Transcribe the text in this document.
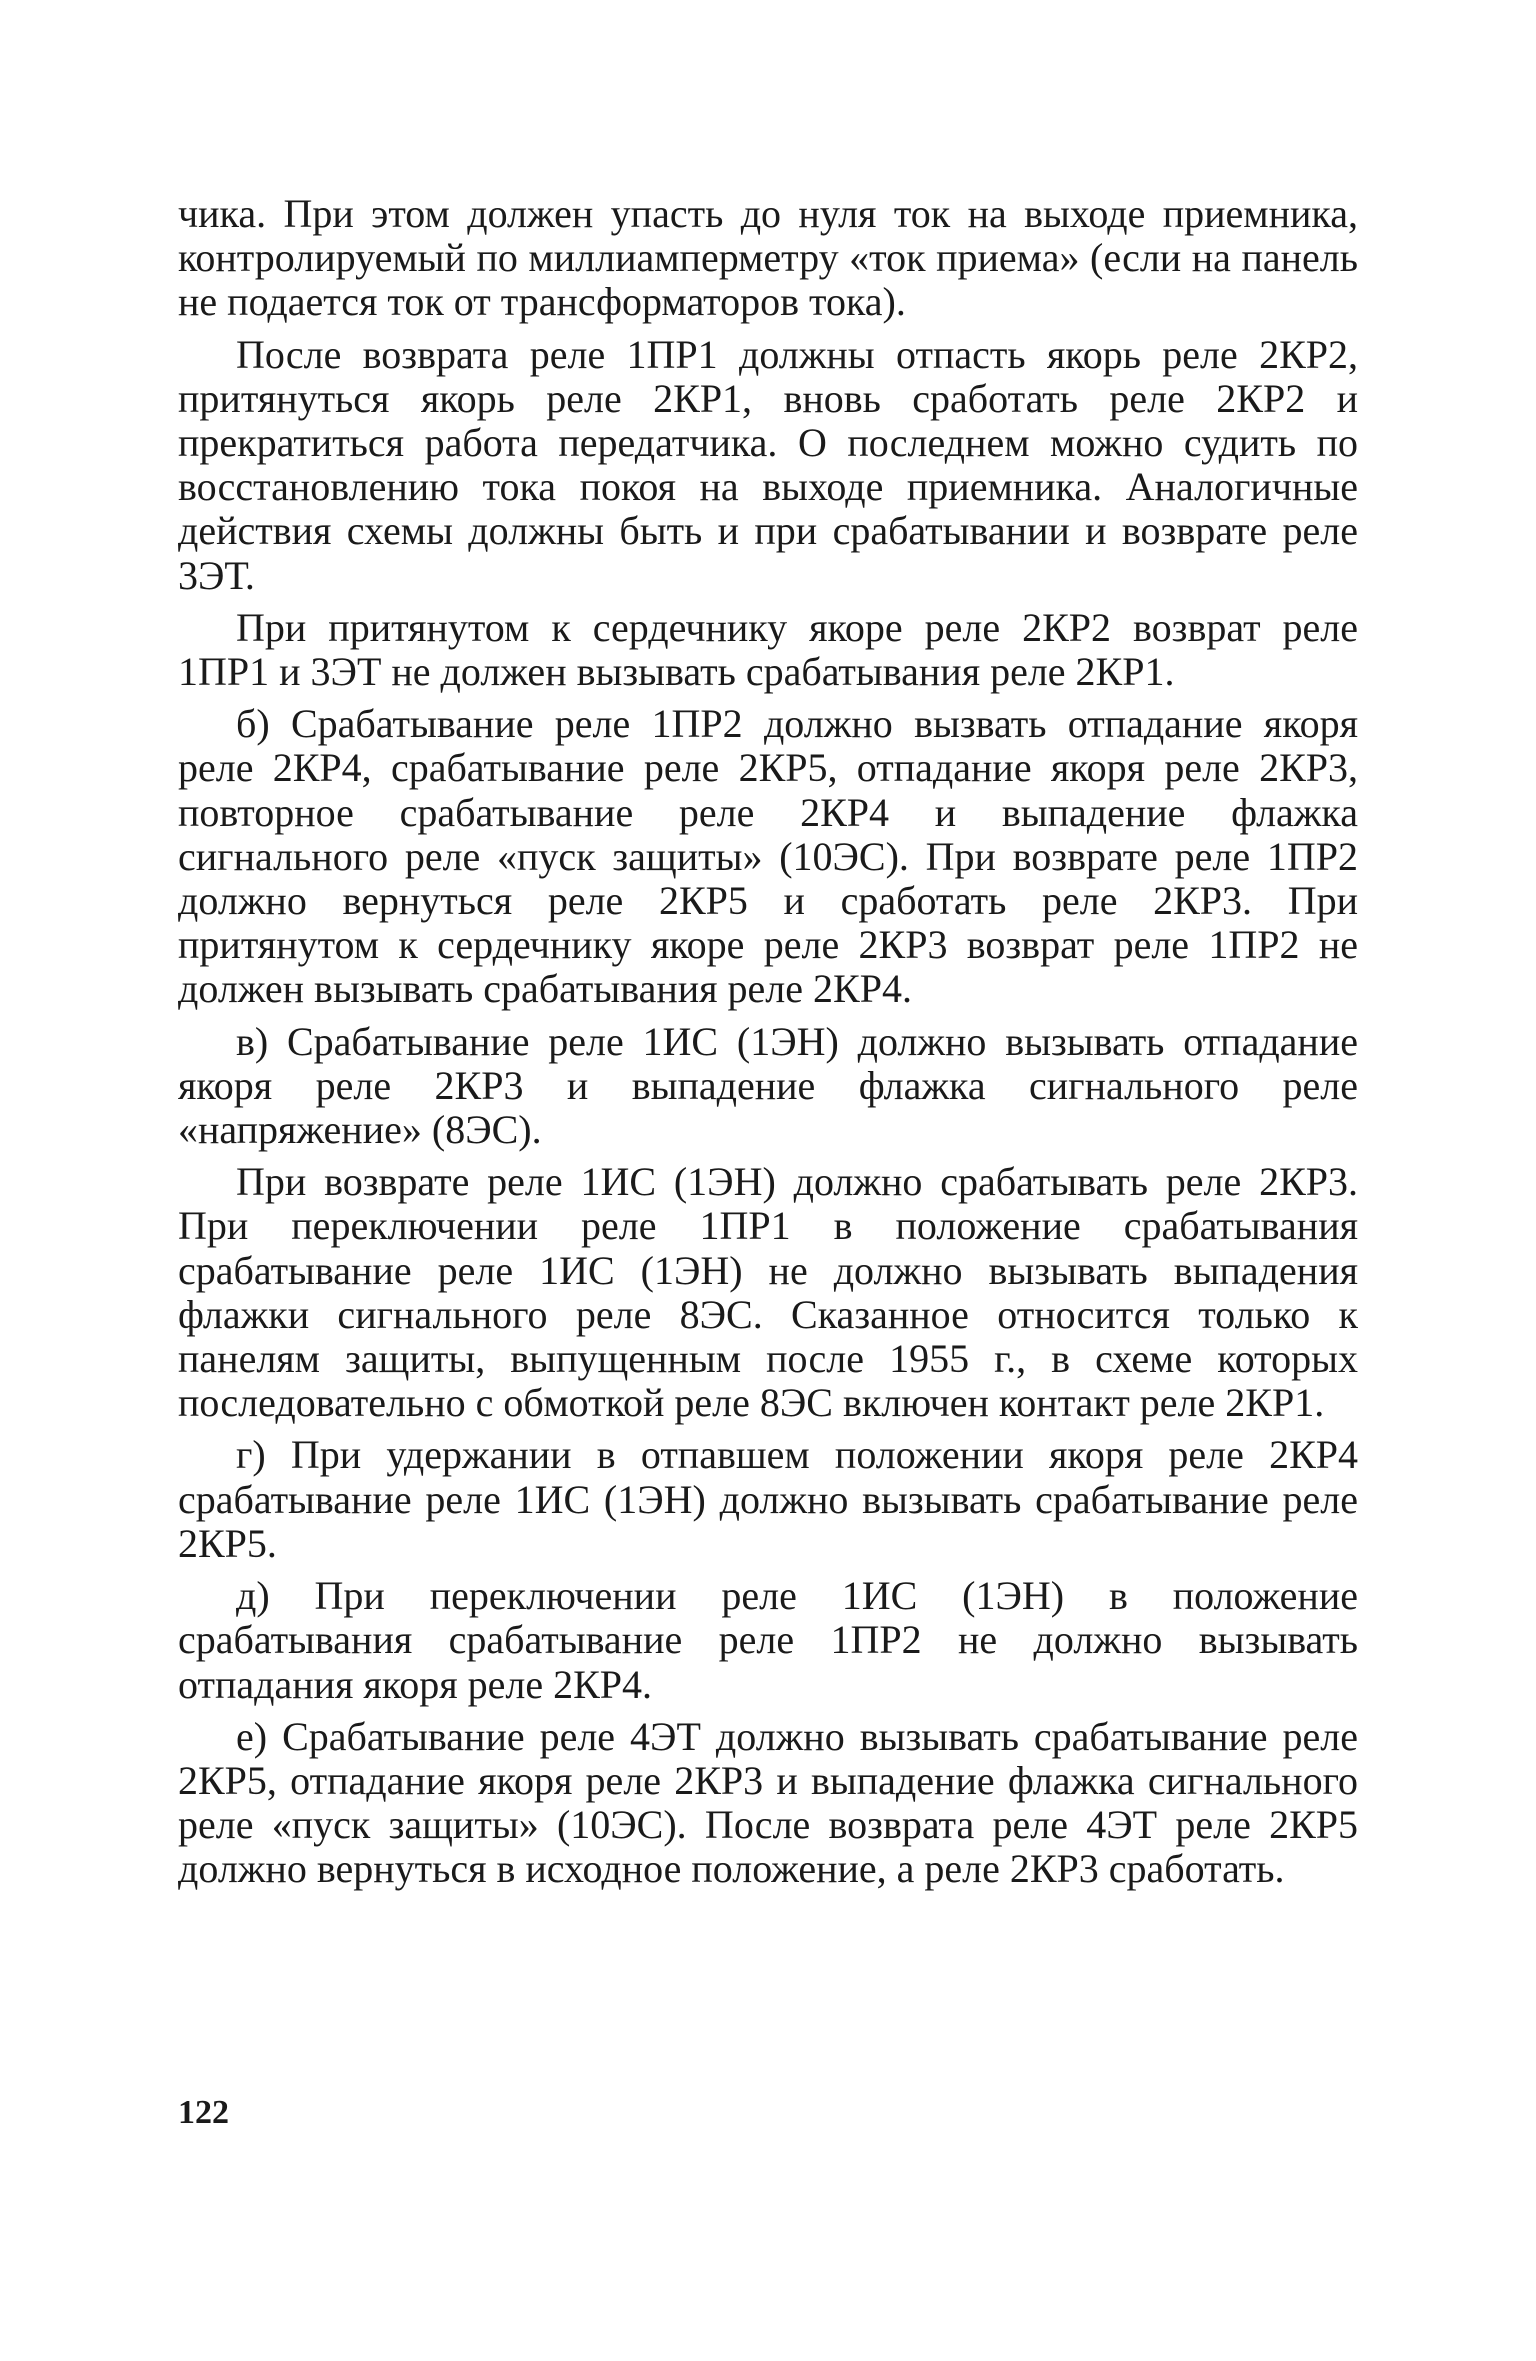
чика. При этом должен упасть до нуля ток на выходе приемника, контролируемый по миллиамперметру «ток приема» (если на панель не подается ток от трансформаторов тока).

После возврата реле 1ПР1 должны отпасть якорь реле 2КР2, притянуться якорь реле 2КР1, вновь сработать реле 2КР2 и прекратиться работа передатчика. О последнем можно судить по восстановлению тока покоя на выходе приемника. Аналогичные действия схемы должны быть и при срабатывании и возврате реле 3ЭТ.

При притянутом к сердечнику якоре реле 2КР2 возврат реле 1ПР1 и 3ЭТ не должен вызывать срабатывания реле 2КР1.

б) Срабатывание реле 1ПР2 должно вызвать отпадание якоря реле 2КР4, срабатывание реле 2КР5, отпадание якоря реле 2КР3, повторное срабатывание реле 2КР4 и выпадение флажка сигнального реле «пуск защиты» (10ЭС). При возврате реле 1ПР2 должно вернуться реле 2КР5 и сработать реле 2КР3. При притянутом к сердечнику якоре реле 2КР3 возврат реле 1ПР2 не должен вызывать срабатывания реле 2КР4.

в) Срабатывание реле 1ИС (1ЭН) должно вызывать отпадание якоря реле 2КР3 и выпадение флажка сигнального реле «напряжение» (8ЭС).

При возврате реле 1ИС (1ЭН) должно срабатывать реле 2КР3. При переключении реле 1ПР1 в положение срабатывания срабатывание реле 1ИС (1ЭН) не должно вызывать выпадения флажки сигнального реле 8ЭС. Сказанное относится только к панелям защиты, выпущенным после 1955 г., в схеме которых последовательно с обмоткой реле 8ЭС включен контакт реле 2КР1.

г) При удержании в отпавшем положении якоря реле 2КР4 срабатывание реле 1ИС (1ЭН) должно вызывать срабатывание реле 2КР5.

д) При переключении реле 1ИС (1ЭН) в положение срабатывания срабатывание реле 1ПР2 не должно вызывать отпадания якоря реле 2КР4.

е) Срабатывание реле 4ЭТ должно вызывать срабатывание реле 2КР5, отпадание якоря реле 2КР3 и выпадение флажка сигнального реле «пуск защиты» (10ЭС). После возврата реле 4ЭТ реле 2КР5 должно вернуться в исходное положение, а реле 2КР3 сработать.

122
